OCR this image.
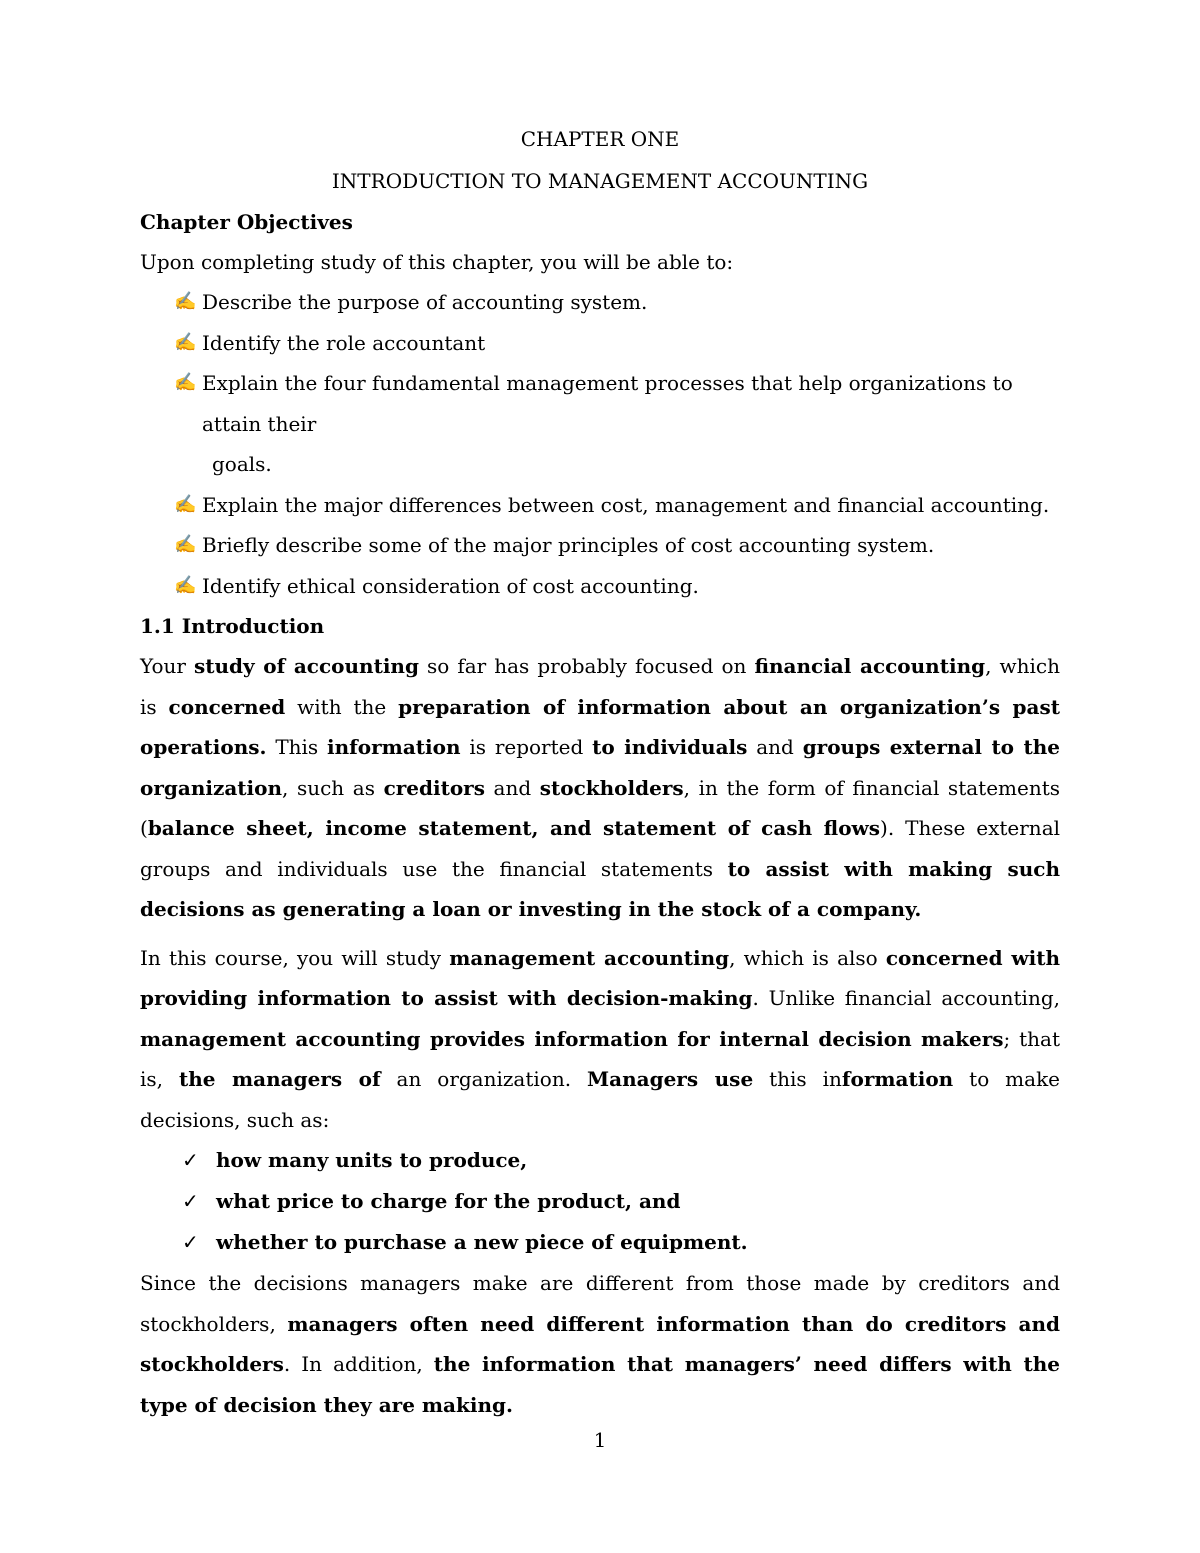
CHAPTER ONE

INTRODUCTION TO MANAGEMENT ACCOUNTING

Chapter Objectives

Upon completing study of this chapter, you will be able to:

✍ Describe the purpose of accounting system.
✍ Identify the role accountant
✍ Explain the four fundamental management processes that help organizations to attain their
goals.
✍ Explain the major differences between cost, management and financial accounting.
✍ Briefly describe some of the major principles of cost accounting system.
✍ Identify ethical consideration of cost accounting.

1.1 Introduction

Your study of accounting so far has probably focused on financial accounting, which is concerned with the preparation of information about an organization’s past operations. This information is reported to individuals and groups external to the organization, such as creditors and stockholders, in the form of financial statements (balance sheet, income statement, and statement of cash flows). These external groups and individuals use the financial statements to assist with making such decisions as generating a loan or investing in the stock of a company.

In this course, you will study management accounting, which is also concerned with providing information to assist with decision-making. Unlike financial accounting, management accounting provides information for internal decision makers; that is, the managers of an organization. Managers use this information to make decisions, such as:

✓ how many units to produce,
✓ what price to charge for the product, and
✓ whether to purchase a new piece of equipment.

Since the decisions managers make are different from those made by creditors and stockholders, managers often need different information than do creditors and stockholders. In addition, the information that managers’ need differs with the type of decision they are making.

1
